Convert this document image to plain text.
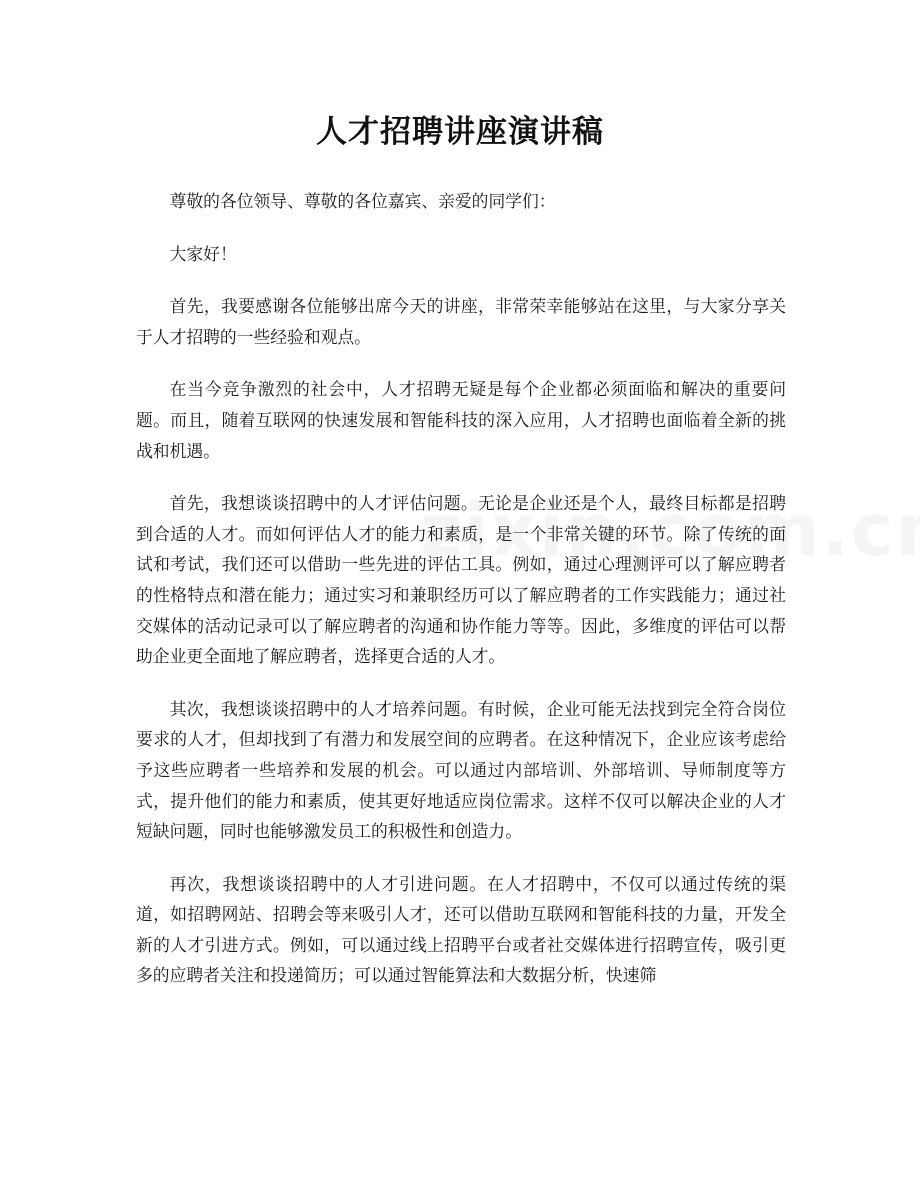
人才招聘讲座演讲稿

尊敬的各位领导、尊敬的各位嘉宾、亲爱的同学们：

大家好！

首先，我要感谢各位能够出席今天的讲座，非常荣幸能够站在这里，与大家分享关于人才招聘的一些经验和观点。

在当今竞争激烈的社会中，人才招聘无疑是每个企业都必须面临和解决的重要问题。而且，随着互联网的快速发展和智能科技的深入应用，人才招聘也面临着全新的挑战和机遇。

首先，我想谈谈招聘中的人才评估问题。无论是企业还是个人，最终目标都是招聘到合适的人才。而如何评估人才的能力和素质，是一个非常关键的环节。除了传统的面试和考试，我们还可以借助一些先进的评估工具。例如，通过心理测评可以了解应聘者的性格特点和潜在能力；通过实习和兼职经历可以了解应聘者的工作实践能力；通过社交媒体的活动记录可以了解应聘者的沟通和协作能力等等。因此，多维度的评估可以帮助企业更全面地了解应聘者，选择更合适的人才。

其次，我想谈谈招聘中的人才培养问题。有时候，企业可能无法找到完全符合岗位要求的人才，但却找到了有潜力和发展空间的应聘者。在这种情况下，企业应该考虑给予这些应聘者一些培养和发展的机会。可以通过内部培训、外部培训、导师制度等方式，提升他们的能力和素质，使其更好地适应岗位需求。这样不仅可以解决企业的人才短缺问题，同时也能够激发员工的积极性和创造力。

再次，我想谈谈招聘中的人才引进问题。在人才招聘中，不仅可以通过传统的渠道，如招聘网站、招聘会等来吸引人才，还可以借助互联网和智能科技的力量，开发全新的人才引进方式。例如，可以通过线上招聘平台或者社交媒体进行招聘宣传，吸引更多的应聘者关注和投递简历；可以通过智能算法和大数据分析，快速筛
